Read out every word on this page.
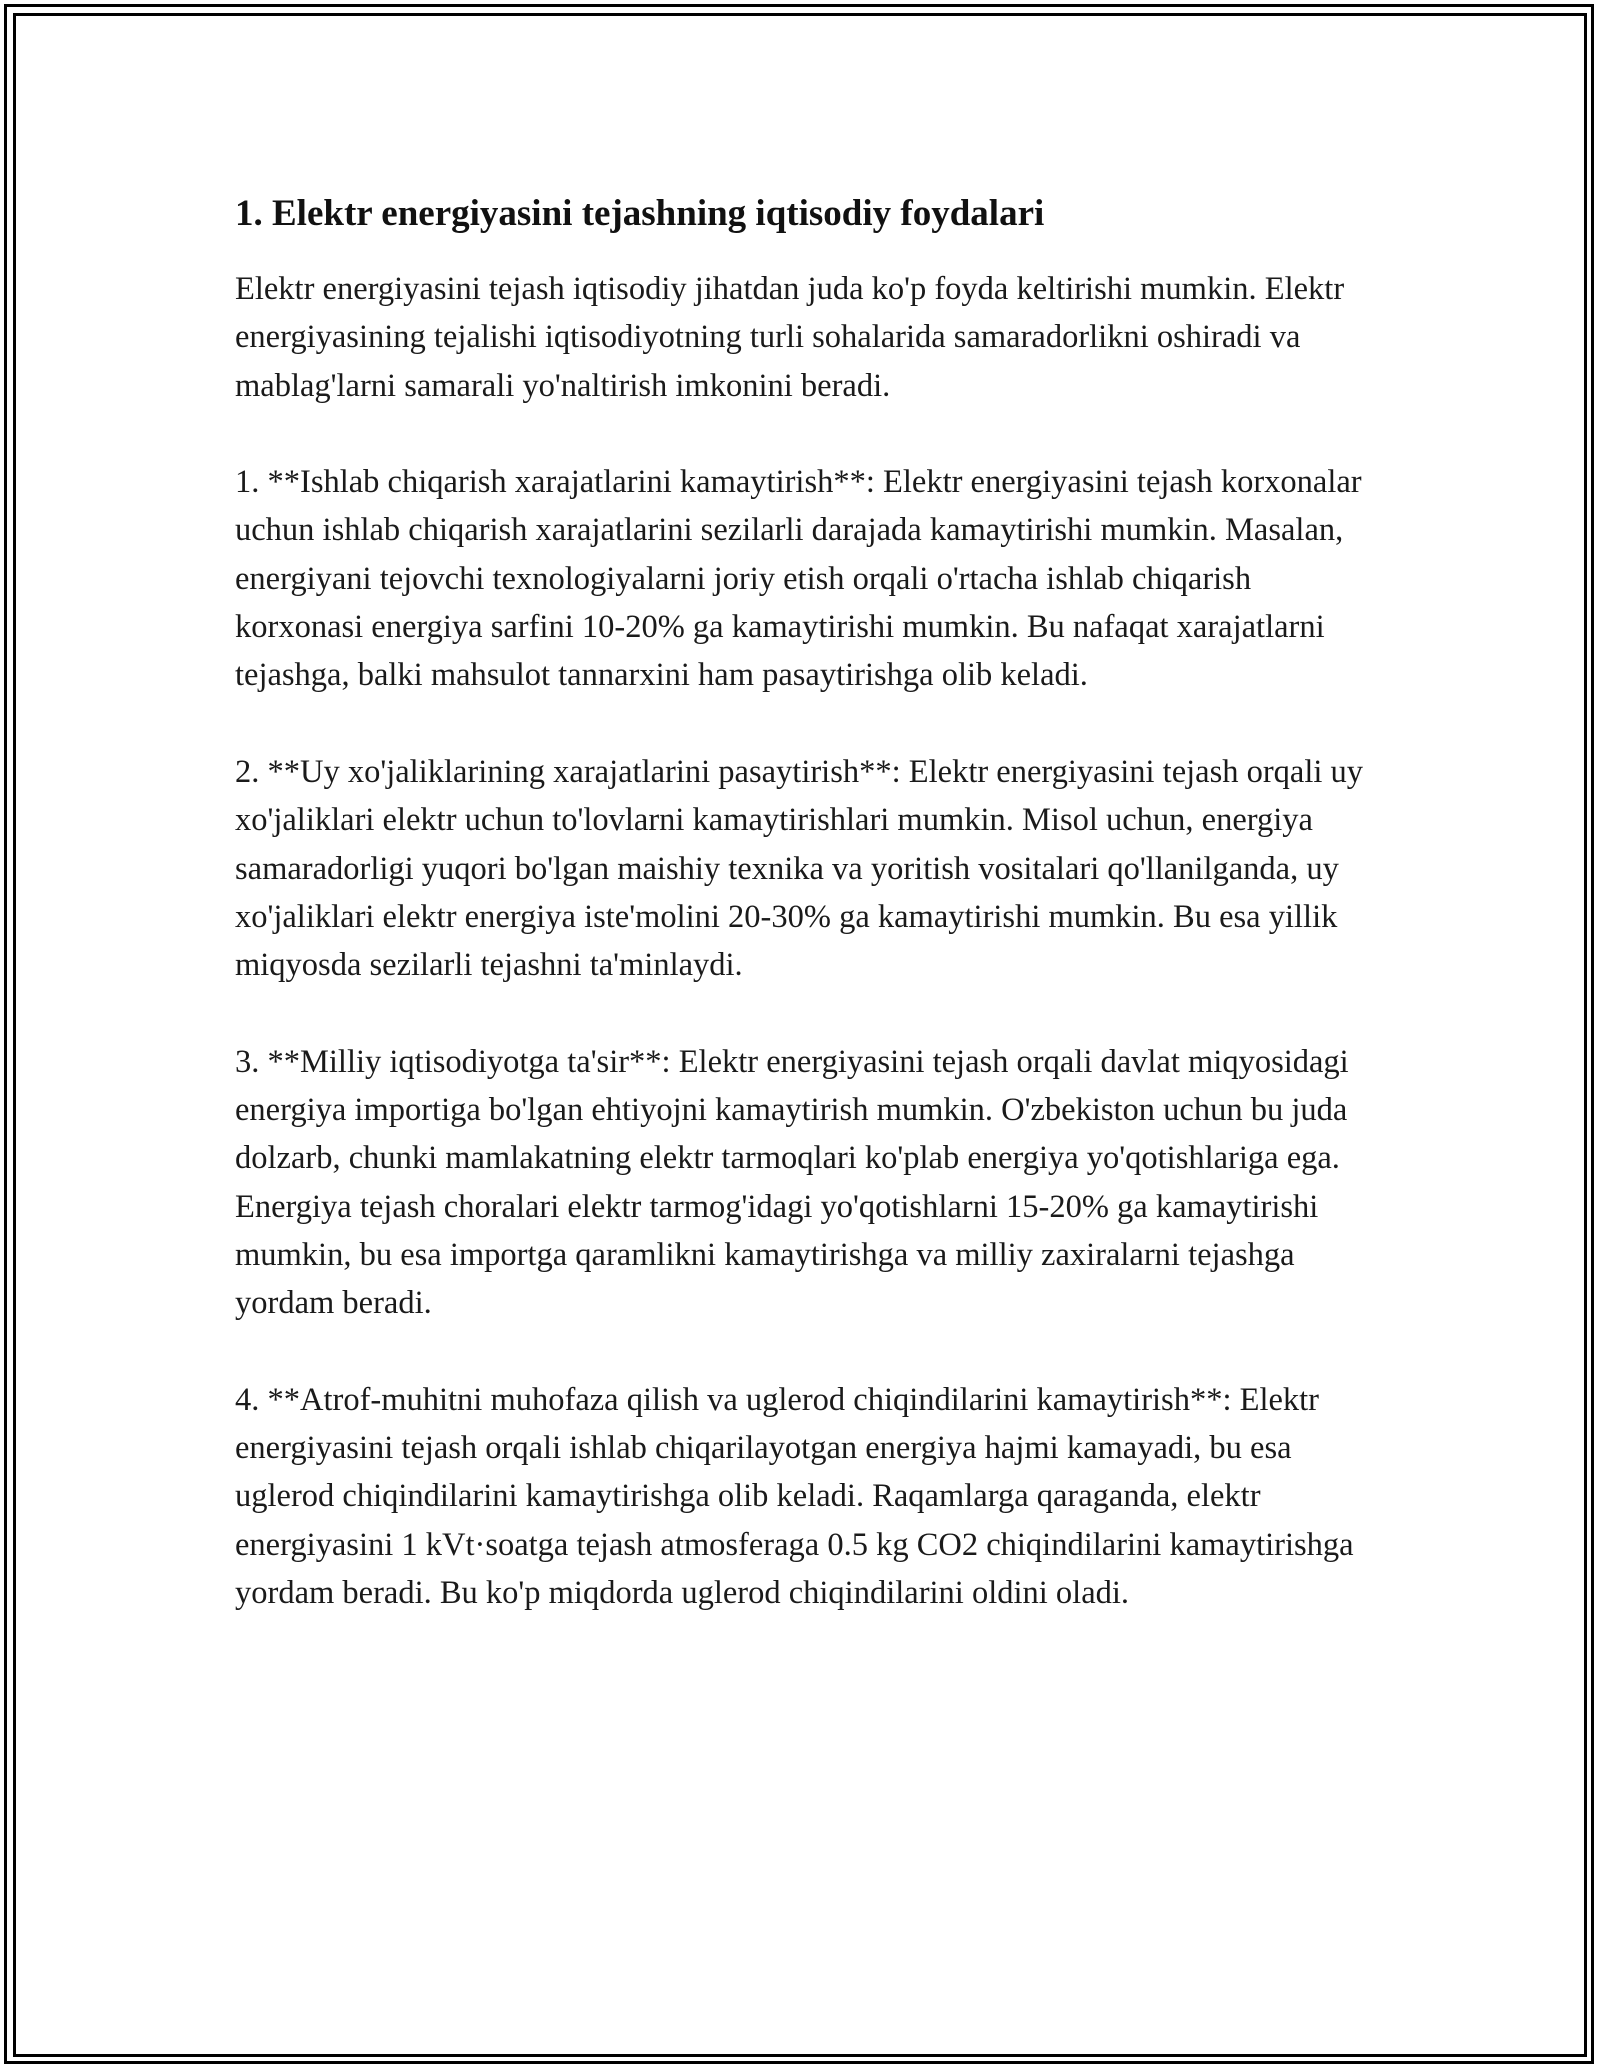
1. Elektr energiyasini tejashning iqtisodiy foydalari

Elektr energiyasini tejash iqtisodiy jihatdan juda ko'p foyda keltirishi mumkin. Elektr energiyasining tejalishi iqtisodiyotning turli sohalarida samaradorlikni oshiradi va mablag'larni samarali yo'naltirish imkonini beradi.

1. **Ishlab chiqarish xarajatlarini kamaytirish**: Elektr energiyasini tejash korxonalar uchun ishlab chiqarish xarajatlarini sezilarli darajada kamaytirishi mumkin. Masalan, energiyani tejovchi texnologiyalarni joriy etish orqali o'rtacha ishlab chiqarish korxonasi energiya sarfini 10-20% ga kamaytirishi mumkin. Bu nafaqat xarajatlarni tejashga, balki mahsulot tannarxini ham pasaytirishga olib keladi.

2. **Uy xo'jaliklarining xarajatlarini pasaytirish**: Elektr energiyasini tejash orqali uy xo'jaliklari elektr uchun to'lovlarni kamaytirishlari mumkin. Misol uchun, energiya samaradorligi yuqori bo'lgan maishiy texnika va yoritish vositalari qo'llanilganda, uy xo'jaliklari elektr energiya iste'molini 20-30% ga kamaytirishi mumkin. Bu esa yillik miqyosda sezilarli tejashni ta'minlaydi.

3. **Milliy iqtisodiyotga ta'sir**: Elektr energiyasini tejash orqali davlat miqyosidagi energiya importiga bo'lgan ehtiyojni kamaytirish mumkin. O'zbekiston uchun bu juda dolzarb, chunki mamlakatning elektr tarmoqlari ko'plab energiya yo'qotishlariga ega. Energiya tejash choralari elektr tarmog'idagi yo'qotishlarni 15-20% ga kamaytirishi mumkin, bu esa importga qaramlikni kamaytirishga va milliy zaxiralarni tejashga yordam beradi.

4. **Atrof-muhitni muhofaza qilish va uglerod chiqindilarini kamaytirish**: Elektr energiyasini tejash orqali ishlab chiqarilayotgan energiya hajmi kamayadi, bu esa uglerod chiqindilarini kamaytirishga olib keladi. Raqamlarga qaraganda, elektr energiyasini 1 kVt·soatga tejash atmosferaga 0.5 kg CO2 chiqindilarini kamaytirishga yordam beradi. Bu ko'p miqdorda uglerod chiqindilarini oldini oladi.
